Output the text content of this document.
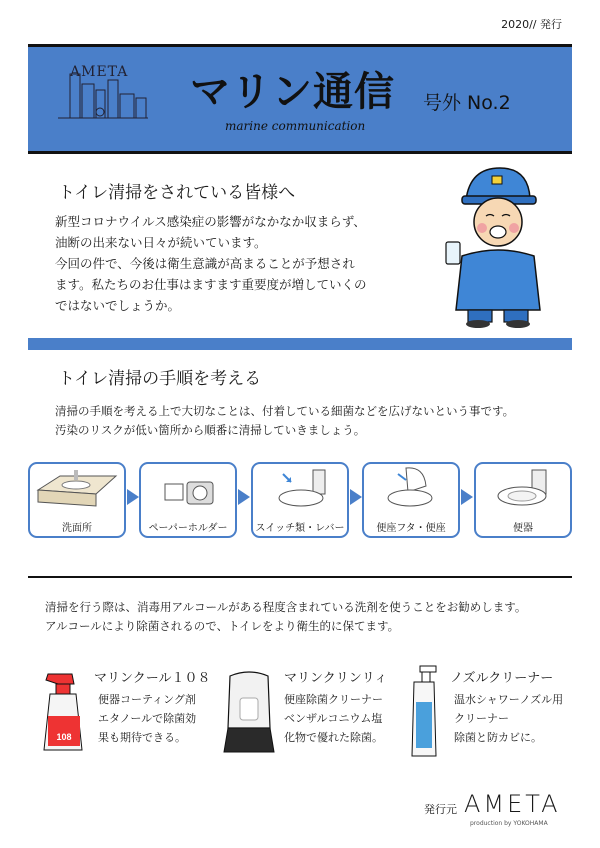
2020// 発行
AMETA マリン通信 号外 No.2
marine communication
トイレ清掃をされている皆様へ
新型コロナウイルス感染症の影響がなかなか収まらず、
油断の出来ない日々が続いています。
今回の件で、今後は衛生意識が高まることが予想され
ます。私たちのお仕事はますます重要度が増していくの
ではないでしょうか。
トイレ清掃の手順を考える
清掃の手順を考える上で大切なことは、付着している細菌などを広げないという事です。
汚染のリスクが低い箇所から順番に清掃していきましょう。
洗面所	ペーパーホルダー	スイッチ類・レバー	便座フタ・便座	便器
清掃を行う際は、消毒用アルコールがある程度含まれている洗剤を使うことをお勧めします。
アルコールにより除菌されるので、トイレをより衛生的に保てます。
108
マリンクール１０８
便器コーティング剤
エタノールで除菌効
果も期待できる。
マリンクリンリィ
便座除菌クリーナー
ベンザルコニウム塩
化物で優れた除菌。
ノズルクリーナー
温水シャワーノズル用
クリーナー
除菌と防カビに。
発行元 AMETA
production by YOKOHAMA
